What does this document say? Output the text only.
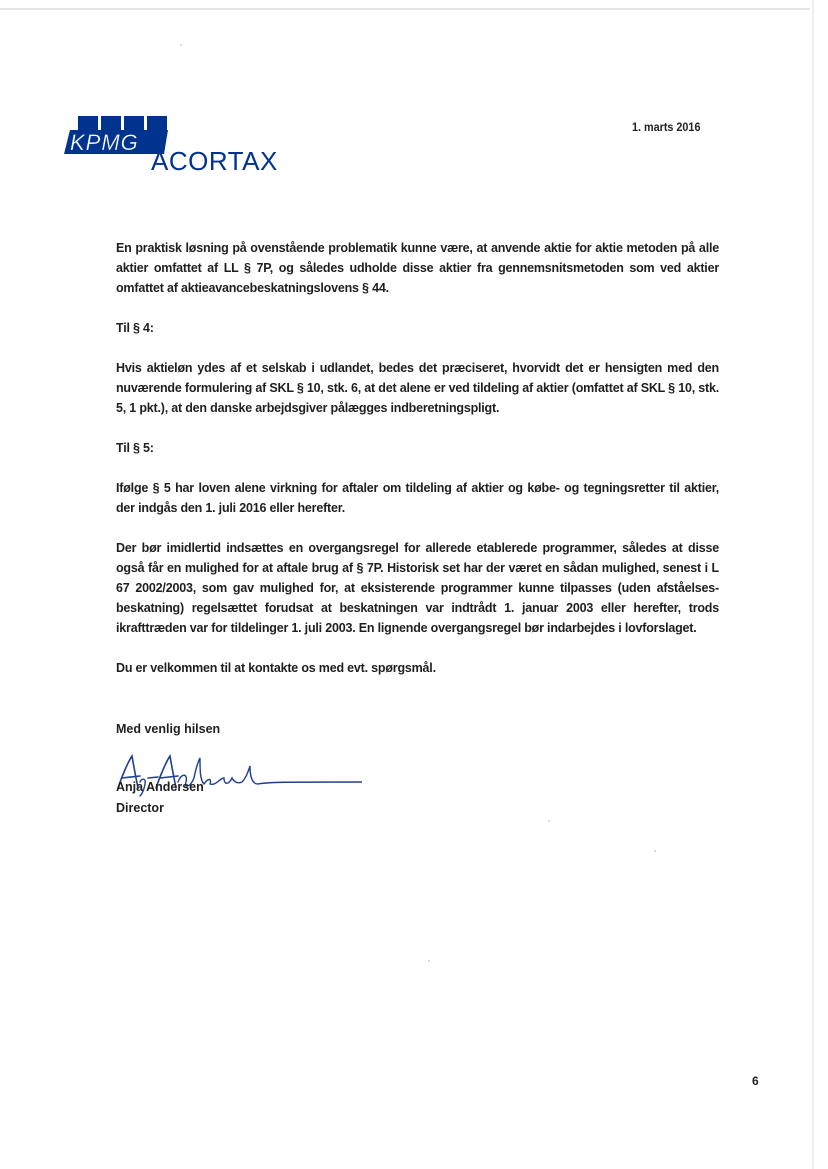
KPMG
ACORTAX
1. marts 2016

En praktisk løsning på ovenstående problematik kunne være, at anvende aktie for aktie metoden på alle aktier omfattet af LL § 7P, og således udholde disse aktier fra gennemsnitsmetoden som ved aktier omfattet af aktieavancebeskatningslovens § 44.

Til § 4:

Hvis aktieløn ydes af et selskab i udlandet, bedes det præciseret, hvorvidt det er hensigten med den nuværende formulering af SKL § 10, stk. 6, at det alene er ved tildeling af aktier (omfattet af SKL § 10, stk. 5, 1 pkt.), at den danske arbejdsgiver pålægges indberetningspligt.

Til § 5:

Ifølge § 5 har loven alene virkning for aftaler om tildeling af aktier og købe- og tegningsretter til aktier, der indgås den 1. juli 2016 eller herefter.

Der bør imidlertid indsættes en overgangsregel for allerede etablerede programmer, således at disse også får en mulighed for at aftale brug af § 7P. Historisk set har der været en sådan mulighed, senest i L 67 2002/2003, som gav mulighed for, at eksisterende programmer kunne tilpasses (uden afståelses-beskatning) regelsættet forudsat at beskatningen var indtrådt 1. januar 2003 eller herefter, trods ikrafttræden var for tildelinger 1. juli 2003. En lignende overgangsregel bør indarbejdes i lovforslaget.

Du er velkommen til at kontakte os med evt. spørgsmål.

Med venlig hilsen
Anja Andersen
Director
6
